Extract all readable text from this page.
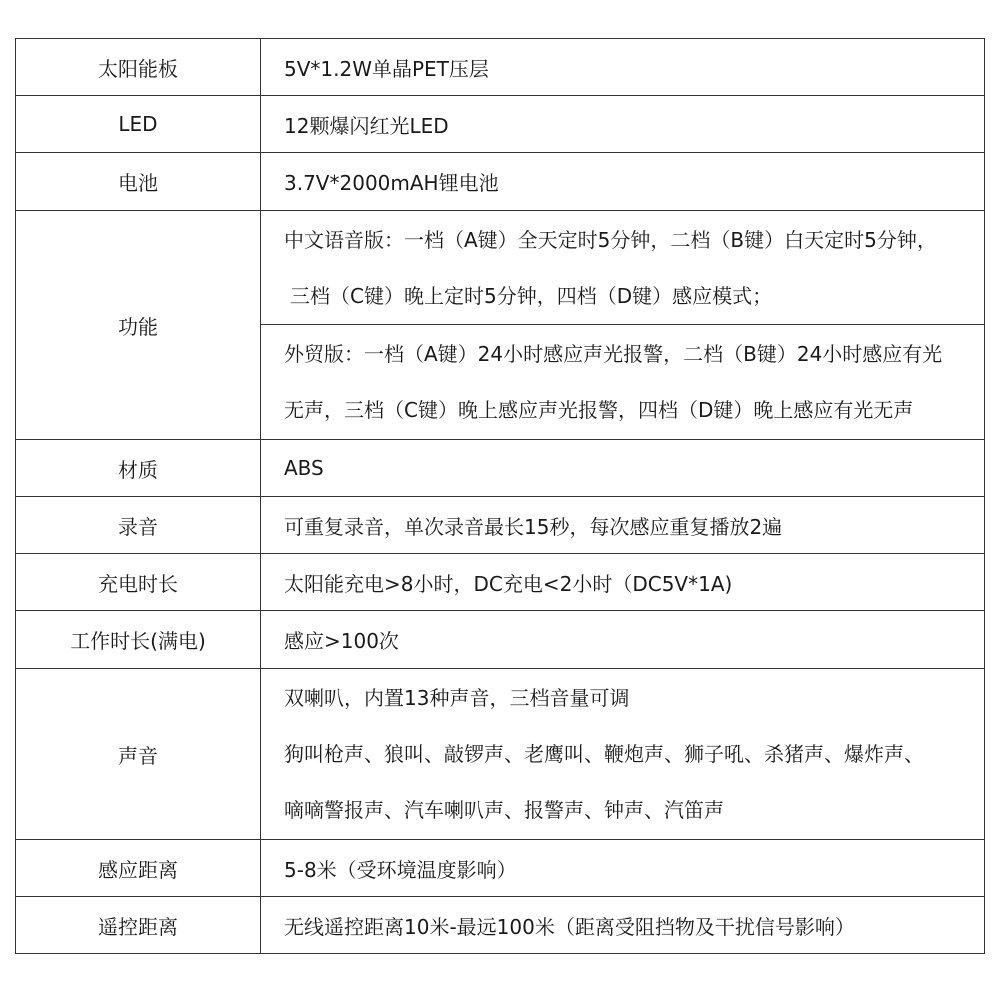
太阳能板	5V*1.2W单晶PET压层
LED	12颗爆闪红光LED
电池	3.7V*2000mAH锂电池
功能	中文语音版：一档（A键）全天定时5分钟，二档（B键）白天定时5分钟，
三档（C键）晚上定时5分钟，四档（D键）感应模式；

	外贸版：一档（A键）24小时感应声光报警，二档（B键）24小时感应有光
无声，三档（C键）晚上感应声光报警，四档（D键）晚上感应有光无声

材质	ABS
录音	可重复录音，单次录音最长15秒，每次感应重复播放2遍
充电时长	太阳能充电>8小时，DC充电<2小时（DC5V*1A)
工作时长(满电)	感应>100次
声音	双喇叭，内置13种声音，三档音量可调
狗叫枪声、狼叫、敲锣声、老鹰叫、鞭炮声、狮子吼、杀猪声、爆炸声、
嘀嘀警报声、汽车喇叭声、报警声、钟声、汽笛声

感应距离	5-8米（受环境温度影响）
遥控距离	无线遥控距离10米-最远100米（距离受阻挡物及干扰信号影响）
